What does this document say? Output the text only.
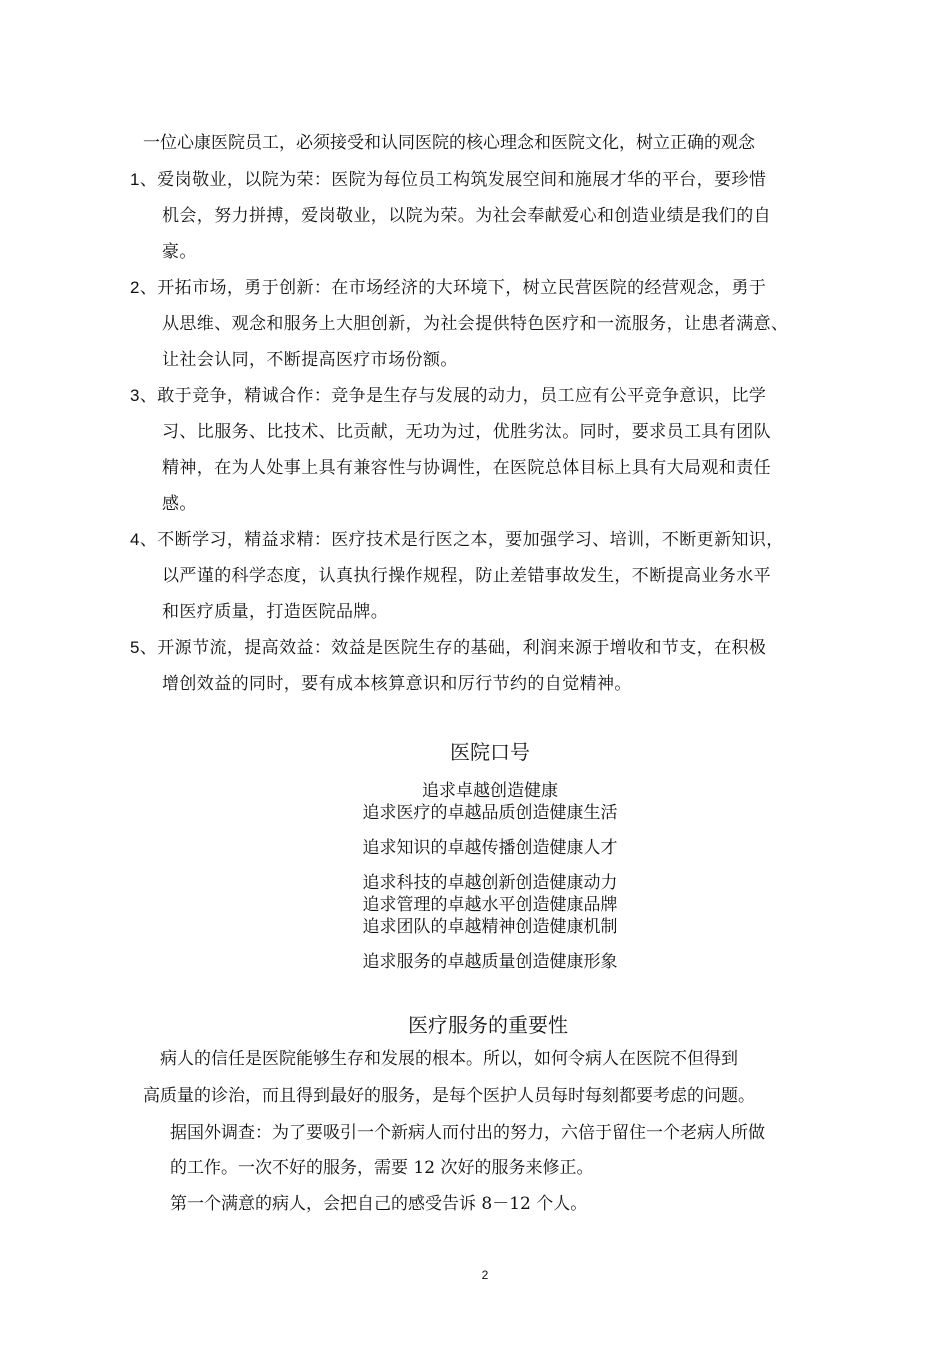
一位心康医院员工，必须接受和认同医院的核心理念和医院文化，树立正确的观念
1、爱岗敬业，以院为荣：医院为每位员工构筑发展空间和施展才华的平台，要珍惜
机会，努力拼搏，爱岗敬业，以院为荣。为社会奉献爱心和创造业绩是我们的自
豪。
2、开拓市场，勇于创新：在市场经济的大环境下，树立民营医院的经营观念，勇于
从思维、观念和服务上大胆创新，为社会提供特色医疗和一流服务，让患者满意、
让社会认同，不断提高医疗市场份额。
3、敢于竞争，精诚合作：竞争是生存与发展的动力，员工应有公平竞争意识，比学
习、比服务、比技术、比贡献，无功为过，优胜劣汰。同时，要求员工具有团队
精神，在为人处事上具有兼容性与协调性，在医院总体目标上具有大局观和责任
感。
4、不断学习，精益求精：医疗技术是行医之本，要加强学习、培训，不断更新知识，
以严谨的科学态度，认真执行操作规程，防止差错事故发生，不断提高业务水平
和医疗质量，打造医院品牌。
5、开源节流，提高效益：效益是医院生存的基础，利润来源于增收和节支，在积极
增创效益的同时，要有成本核算意识和厉行节约的自觉精神。
医院口号
追求卓越创造健康
追求医疗的卓越品质创造健康生活
追求知识的卓越传播创造健康人才
追求科技的卓越创新创造健康动力
追求管理的卓越水平创造健康品牌
追求团队的卓越精神创造健康机制
追求服务的卓越质量创造健康形象
医疗服务的重要性
病人的信任是医院能够生存和发展的根本。所以，如何令病人在医院不但得到
高质量的诊治，而且得到最好的服务，是每个医护人员每时每刻都要考虑的问题。
据国外调查：为了要吸引一个新病人而付出的努力，六倍于留住一个老病人所做
的工作。一次不好的服务，需要 12 次好的服务来修正。
第一个满意的病人，会把自己的感受告诉 8－12 个人。
2
